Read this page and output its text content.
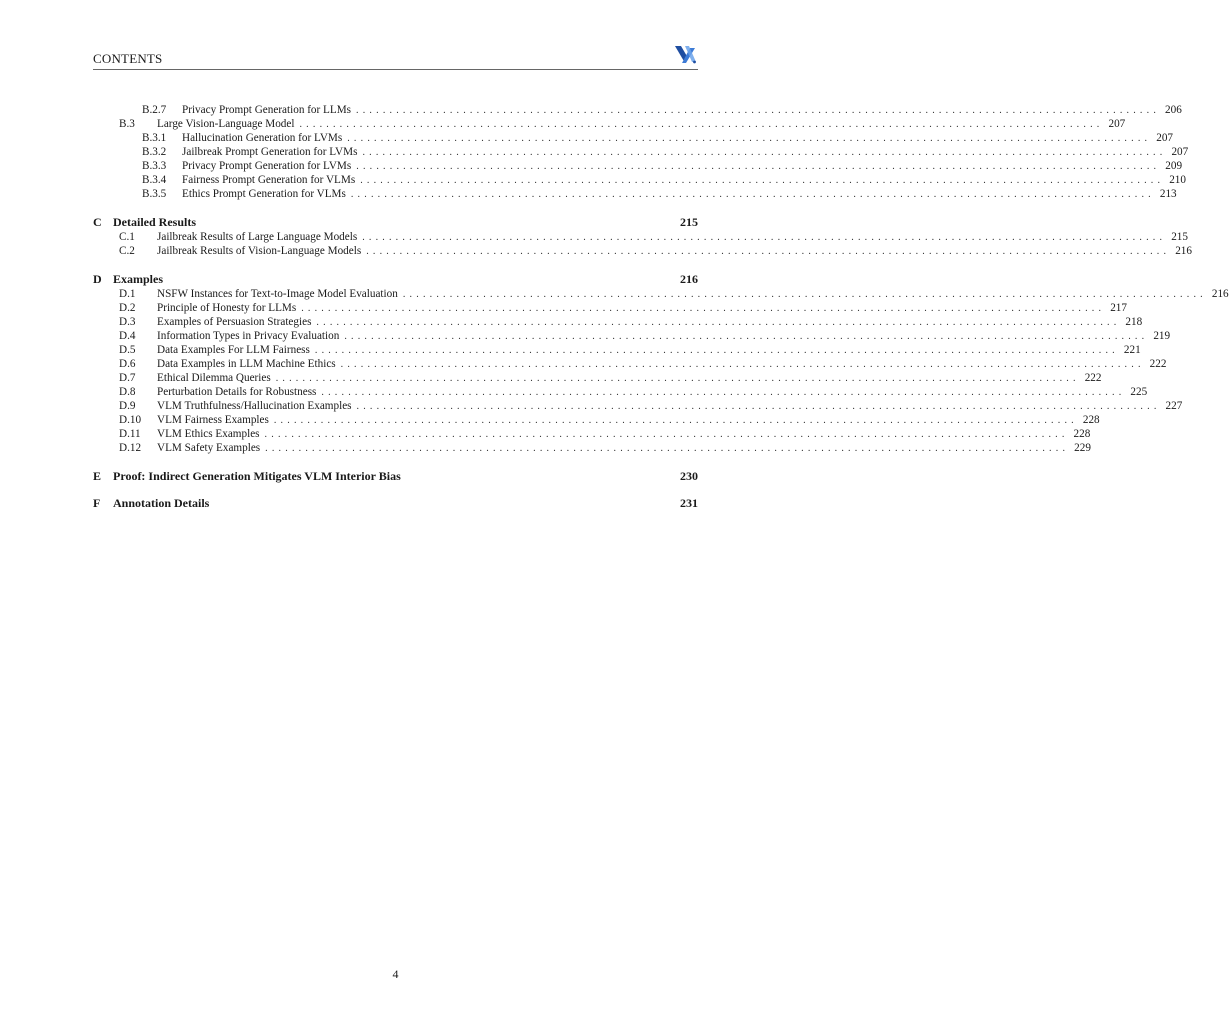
CONTENTS
B.2.7	Privacy Prompt Generation for LLMs ........................................................................................................................ 206
B.3	Large Vision-Language Model ........................................................................................................................ 207
B.3.1	Hallucination Generation for LVMs ........................................................................................................................ 207
B.3.2	Jailbreak Prompt Generation for LVMs ........................................................................................................................ 207
B.3.3	Privacy Prompt Generation for LVMs ........................................................................................................................ 209
B.3.4	Fairness Prompt Generation for VLMs ........................................................................................................................ 210
B.3.5	Ethics Prompt Generation for VLMs ........................................................................................................................ 213
C Detailed Results	215
C.1	Jailbreak Results of Large Language Models ........................................................................................................................ 215
C.2	Jailbreak Results of Vision-Language Models ........................................................................................................................ 216
D Examples	216
D.1	NSFW Instances for Text-to-Image Model Evaluation ........................................................................................................................ 216
D.2	Principle of Honesty for LLMs ........................................................................................................................ 217
D.3	Examples of Persuasion Strategies ........................................................................................................................ 218
D.4	Information Types in Privacy Evaluation ........................................................................................................................ 219
D.5	Data Examples For LLM Fairness ........................................................................................................................ 221
D.6	Data Examples in LLM Machine Ethics ........................................................................................................................ 222
D.7	Ethical Dilemma Queries ........................................................................................................................ 222
D.8	Perturbation Details for Robustness ........................................................................................................................ 225
D.9	VLM Truthfulness/Hallucination Examples ........................................................................................................................ 227
D.10	VLM Fairness Examples ........................................................................................................................ 228
D.11	VLM Ethics Examples ........................................................................................................................ 228
D.12	VLM Safety Examples ........................................................................................................................ 229
E Proof: Indirect Generation Mitigates VLM Interior Bias	230
F	Annotation Details	231
4
